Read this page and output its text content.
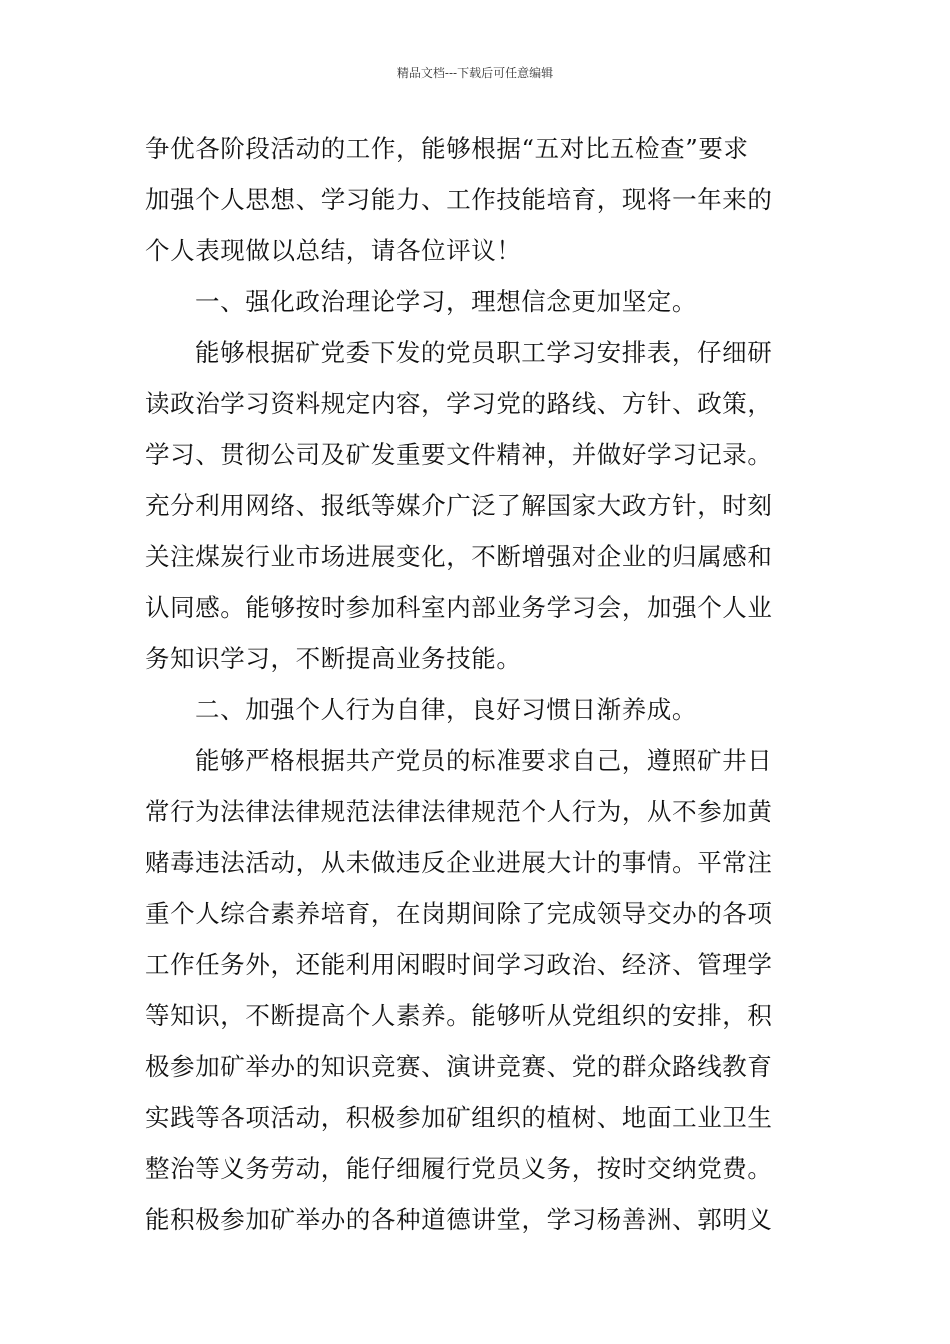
精品文档---下载后可任意编辑
争优各阶段活动的工作，能够根据“五对比五检查”要求
加强个人思想、学习能力、工作技能培育，现将一年来的
个人表现做以总结，请各位评议！
一、强化政治理论学习，理想信念更加坚定。
能够根据矿党委下发的党员职工学习安排表，仔细研
读政治学习资料规定内容，学习党的路线、方针、政策，
学习、贯彻公司及矿发重要文件精神，并做好学习记录。
充分利用网络、报纸等媒介广泛了解国家大政方针，时刻
关注煤炭行业市场进展变化，不断增强对企业的归属感和
认同感。能够按时参加科室内部业务学习会，加强个人业
务知识学习，不断提高业务技能。
二、加强个人行为自律，良好习惯日渐养成。
能够严格根据共产党员的标准要求自己，遵照矿井日
常行为法律法律规范法律法律规范个人行为，从不参加黄
赌毒违法活动，从未做违反企业进展大计的事情。平常注
重个人综合素养培育，在岗期间除了完成领导交办的各项
工作任务外，还能利用闲暇时间学习政治、经济、管理学
等知识，不断提高个人素养。能够听从党组织的安排，积
极参加矿举办的知识竞赛、演讲竞赛、党的群众路线教育
实践等各项活动，积极参加矿组织的植树、地面工业卫生
整治等义务劳动，能仔细履行党员义务，按时交纳党费。
能积极参加矿举办的各种道德讲堂，学习杨善洲、郭明义
